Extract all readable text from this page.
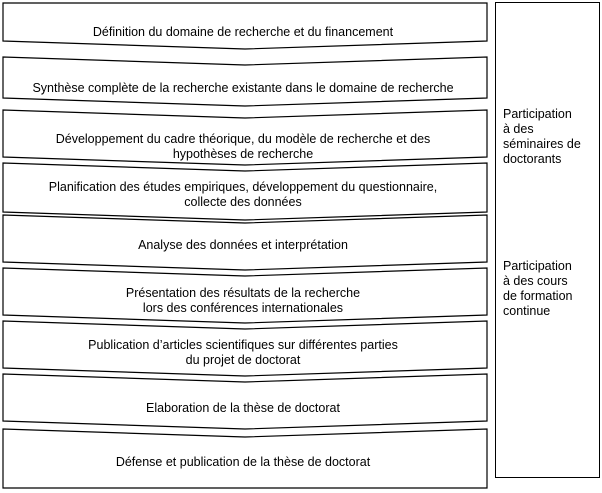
Définition du domaine de recherche et du financement
Synthèse complète de la recherche existante dans le domaine de recherche
Développement du cadre théorique, du modèle de recherche et des
hypothèses de recherche
Planification des études empiriques, développement du questionnaire,
collecte des données
Analyse des données et interprétation
Présentation des résultats de la recherche
lors des conférences internationales
Publication d’articles scientifiques sur différentes parties
du projet de doctorat
Elaboration de la thèse de doctorat
Défense et publication de la thèse de doctorat
Participation
à des
séminaires de
doctorants
Participation
à des cours
de formation
continue
